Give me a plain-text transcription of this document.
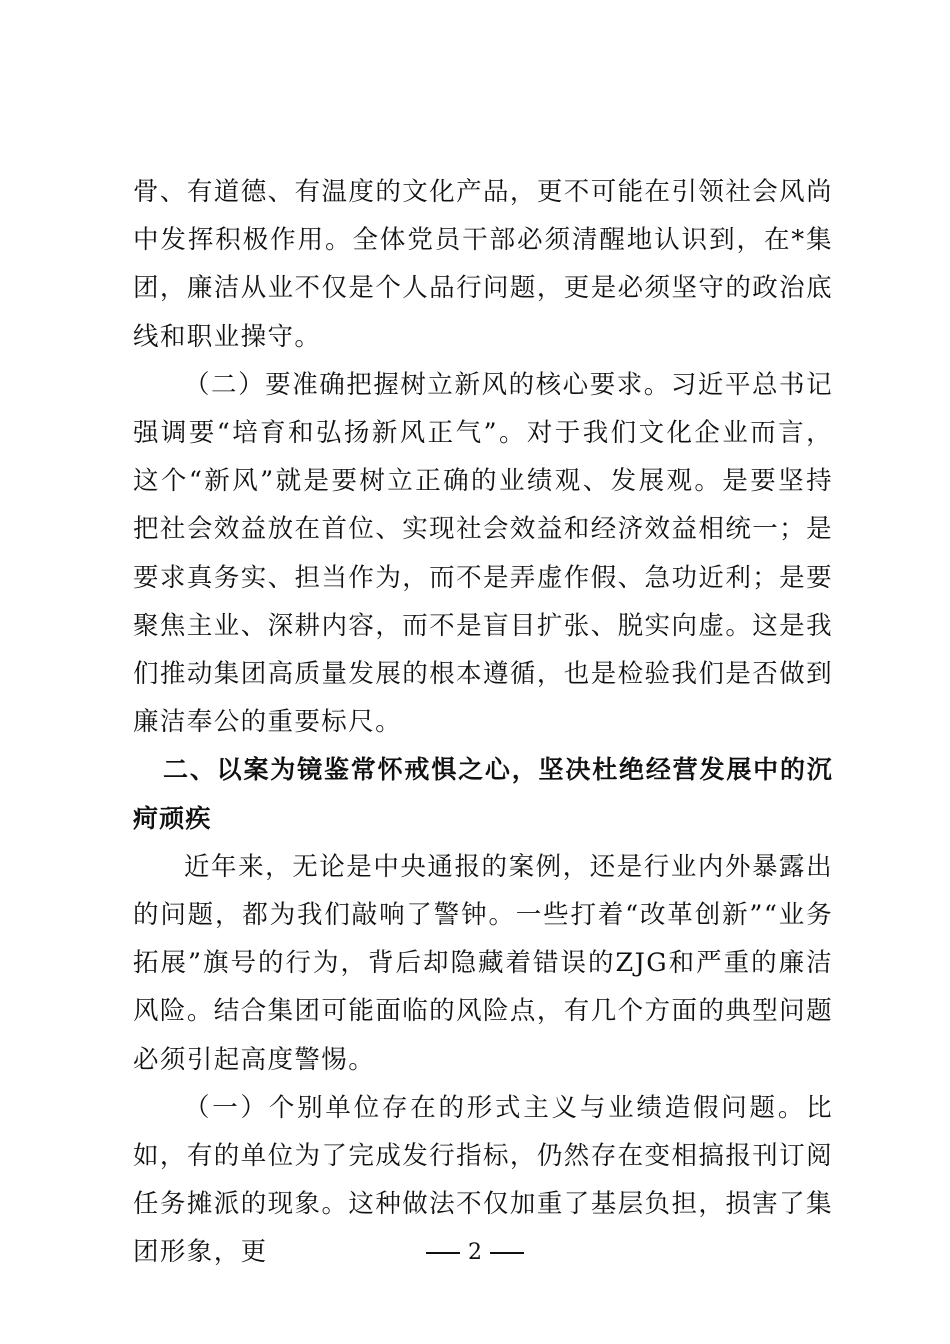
骨、有道德、有温度的文化产品，更不可能在引领社会风尚中发挥积极作用。全体党员干部必须清醒地认识到，在*集团，廉洁从业不仅是个人品行问题，更是必须坚守的政治底线和职业操守。

（二）要准确把握树立新风的核心要求。习近平总书记强调要“培育和弘扬新风正气”。对于我们文化企业而言，这个“新风”就是要树立正确的业绩观、发展观。是要坚持把社会效益放在首位、实现社会效益和经济效益相统一；是要求真务实、担当作为，而不是弄虚作假、急功近利；是要聚焦主业、深耕内容，而不是盲目扩张、脱实向虚。这是我们推动集团高质量发展的根本遵循，也是检验我们是否做到廉洁奉公的重要标尺。

二、以案为镜鉴常怀戒惧之心，坚决杜绝经营发展中的沉疴顽疾

近年来，无论是中央通报的案例，还是行业内外暴露出的问题，都为我们敲响了警钟。一些打着“改革创新”“业务拓展”旗号的行为，背后却隐藏着错误的ZJG和严重的廉洁风险。结合集团可能面临的风险点，有几个方面的典型问题必须引起高度警惕。

（一）个别单位存在的形式主义与业绩造假问题。比如，有的单位为了完成发行指标，仍然存在变相搞报刊订阅任务摊派的现象。这种做法不仅加重了基层负担，损害了集团形象，更	2
